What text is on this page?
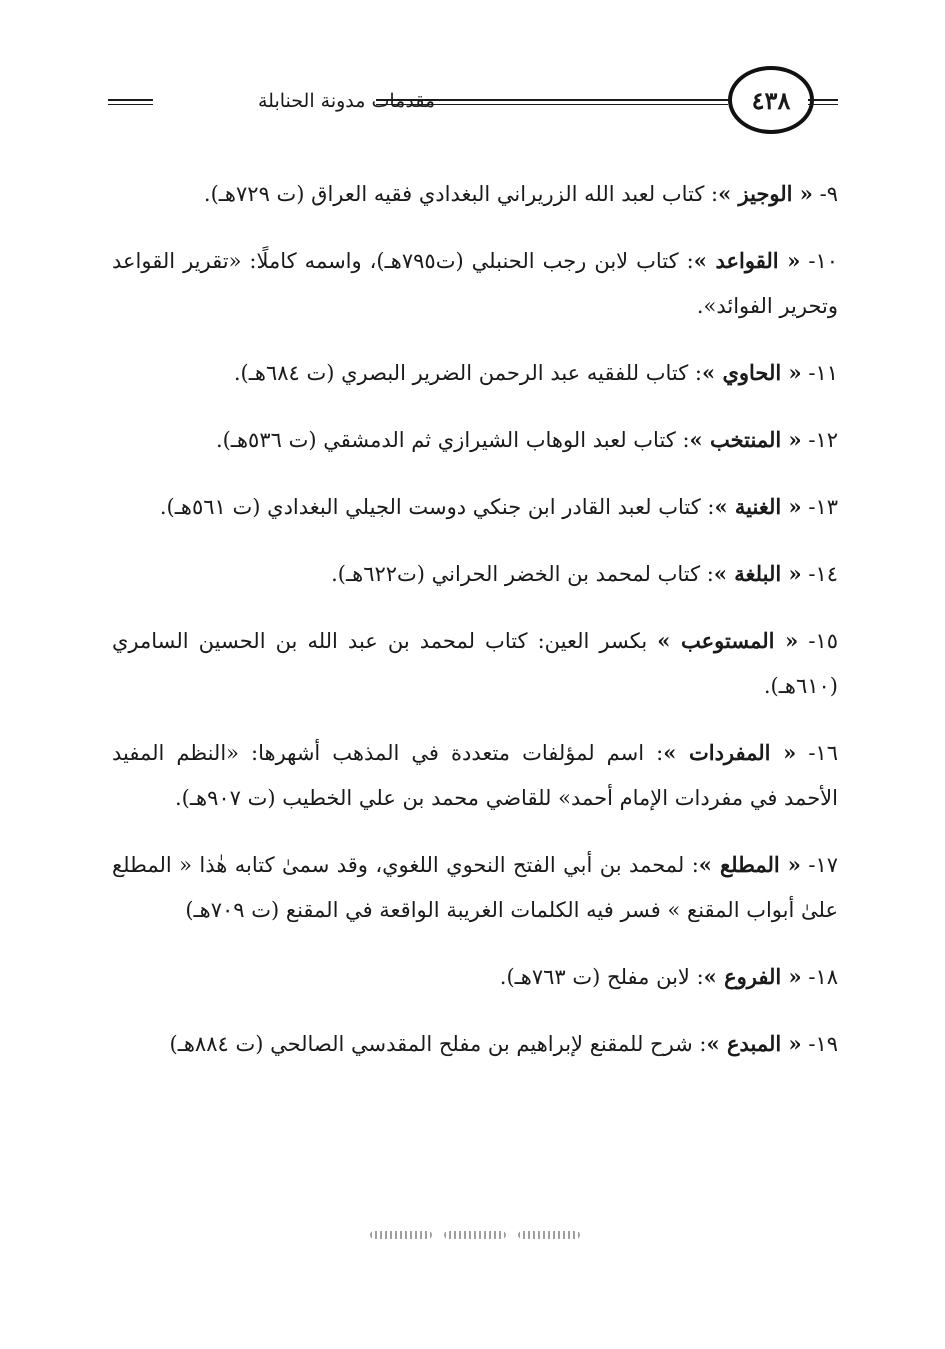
مقدمات مدونة الحنابلة	٤٣٨

٩- « الوجيز »: كتاب لعبد الله الزريراني البغدادي فقيه العراق (ت ٧٢٩هـ).

١٠- « القواعد »: كتاب لابن رجب الحنبلي (ت٧٩٥هـ)، واسمه كاملًا: «تقرير القواعد وتحرير الفوائد».

١١- « الحاوي »: كتاب للفقيه عبد الرحمن الضرير البصري (ت ٦٨٤هـ).

١٢- « المنتخب »: كتاب لعبد الوهاب الشيرازي ثم الدمشقي (ت ٥٣٦هـ).

١٣- « الغنية »: كتاب لعبد القادر ابن جنكي دوست الجيلي البغدادي (ت ٥٦١هـ).

١٤- « البلغة »: كتاب لمحمد بن الخضر الحراني (ت٦٢٢هـ).

١٥- « المستوعب » بكسر العين: كتاب لمحمد بن عبد الله بن الحسين السامري (٦١٠هـ).

١٦- « المفردات »: اسم لمؤلفات متعددة في المذهب أشهرها: «النظم المفيد الأحمد في مفردات الإمام أحمد» للقاضي محمد بن علي الخطيب (ت ٩٠٧هـ).

١٧- « المطلع »: لمحمد بن أبي الفتح النحوي اللغوي، وقد سمىٰ كتابه هٰذا « المطلع علىٰ أبواب المقنع » فسر فيه الكلمات الغريبة الواقعة في المقنع (ت ٧٠٩هـ)

١٨- « الفروع »: لابن مفلح (ت ٧٦٣هـ).

١٩- « المبدع »: شرح للمقنع لإبراهيم بن مفلح المقدسي الصالحي (ت ٨٨٤هـ)
